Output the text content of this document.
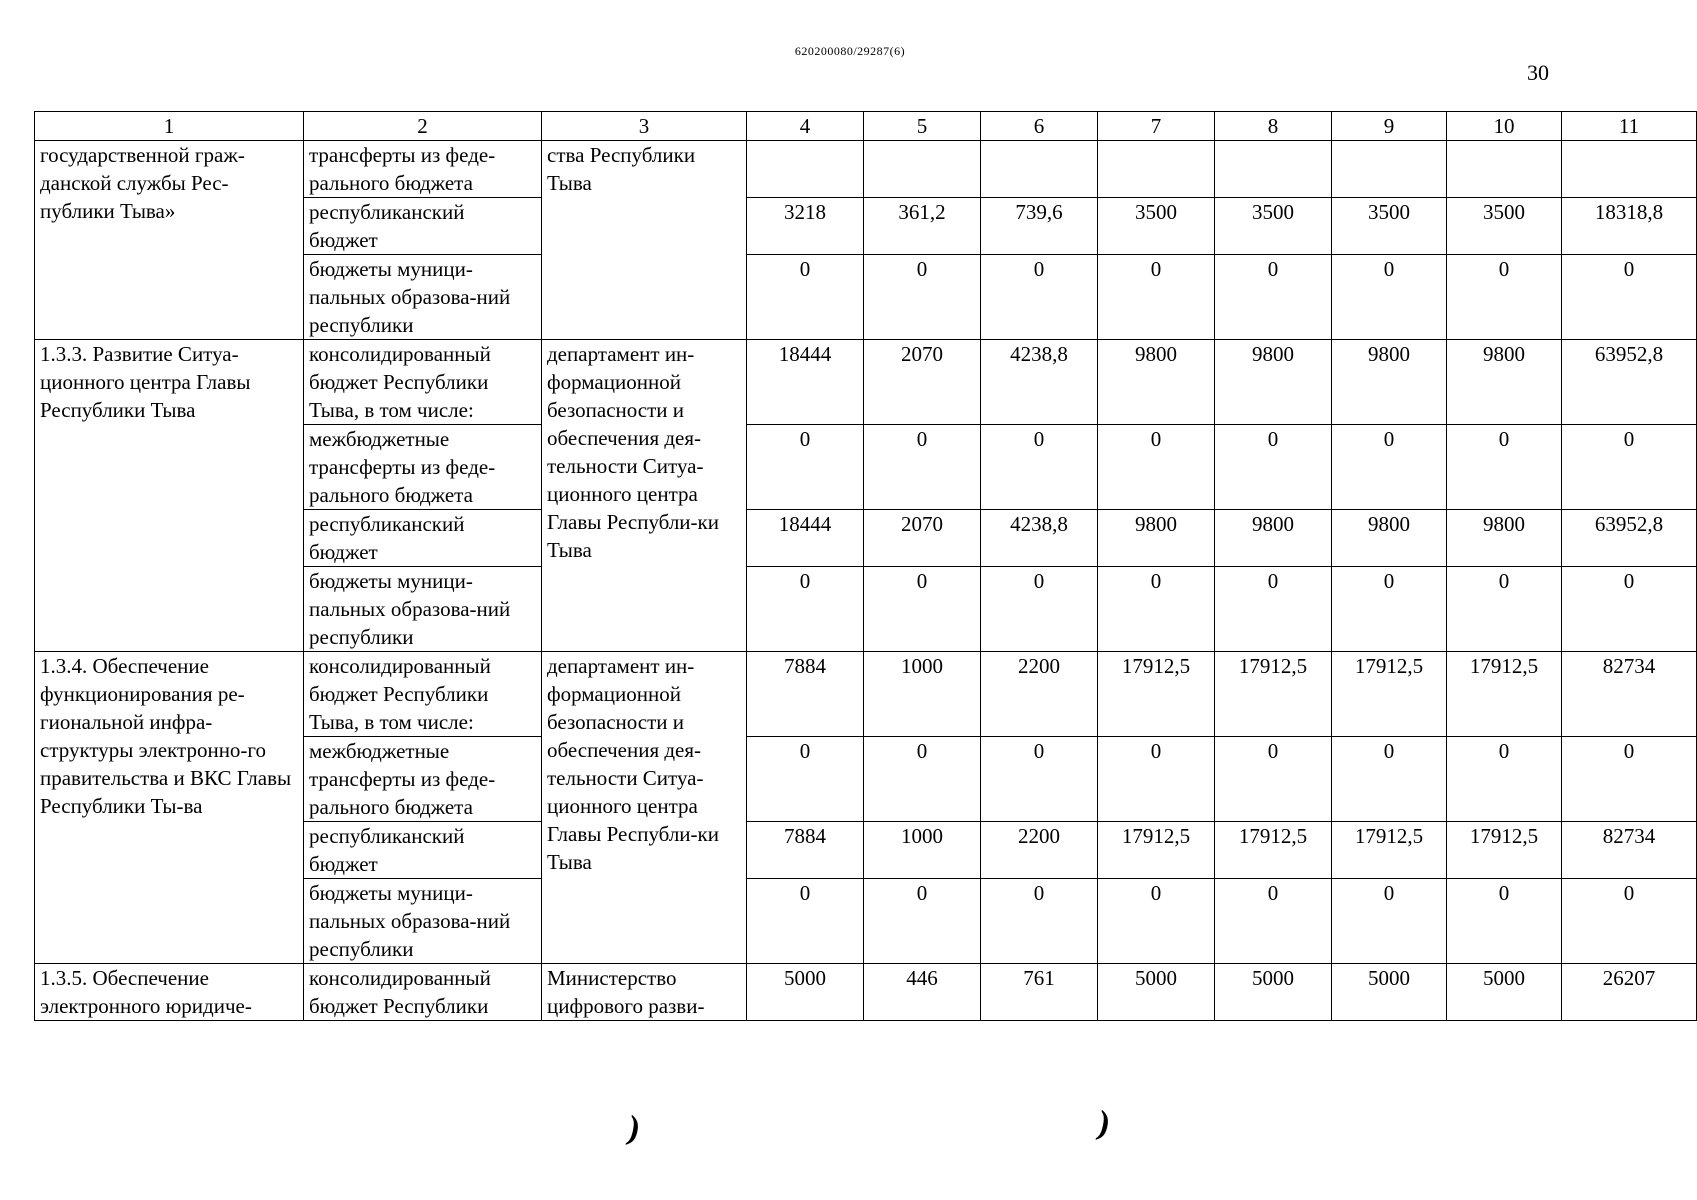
620200080/29287(6)
30
1	2	3	4	5	6	7	8	9	10	11
государственной граж-данской службы Рес-публики Тыва»	трансферты из феде-рального бюджета	ства Республики Тыва								
	республиканский бюджет		3218	361,2	739,6	3500	3500	3500	3500	18318,8
	бюджеты муници-пальных образова-ний республики		0	0	0	0	0	0	0	0
1.3.3. Развитие Ситуа-ционного центра Главы Республики Тыва	консолидированный бюджет Республики Тыва, в том числе:	департамент ин-формационной безопасности и обеспечения дея-тельности Ситуа-ционного центра Главы Республи-ки Тыва	18444	2070	4238,8	9800	9800	9800	9800	63952,8
	межбюджетные трансферты из феде-рального бюджета		0	0	0	0	0	0	0	0
	республиканский бюджет		18444	2070	4238,8	9800	9800	9800	9800	63952,8
	бюджеты муници-пальных образова-ний республики		0	0	0	0	0	0	0	0
1.3.4. Обеспечение функционирования ре-гиональной инфра-структуры электронно-го правительства и ВКС Главы Республики Ты-ва	консолидированный бюджет Республики Тыва, в том числе:	департамент ин-формационной безопасности и обеспечения дея-тельности Ситуа-ционного центра Главы Республи-ки Тыва	7884	1000	2200	17912,5	17912,5	17912,5	17912,5	82734
	межбюджетные трансферты из феде-рального бюджета		0	0	0	0	0	0	0	0
	республиканский бюджет		7884	1000	2200	17912,5	17912,5	17912,5	17912,5	82734
	бюджеты муници-пальных образова-ний республики		0	0	0	0	0	0	0	0
1.3.5. Обеспечение электронного юридиче-	консолидированный бюджет Республики	Министерство цифрового разви-	5000	446	761	5000	5000	5000	5000	26207
)	)
